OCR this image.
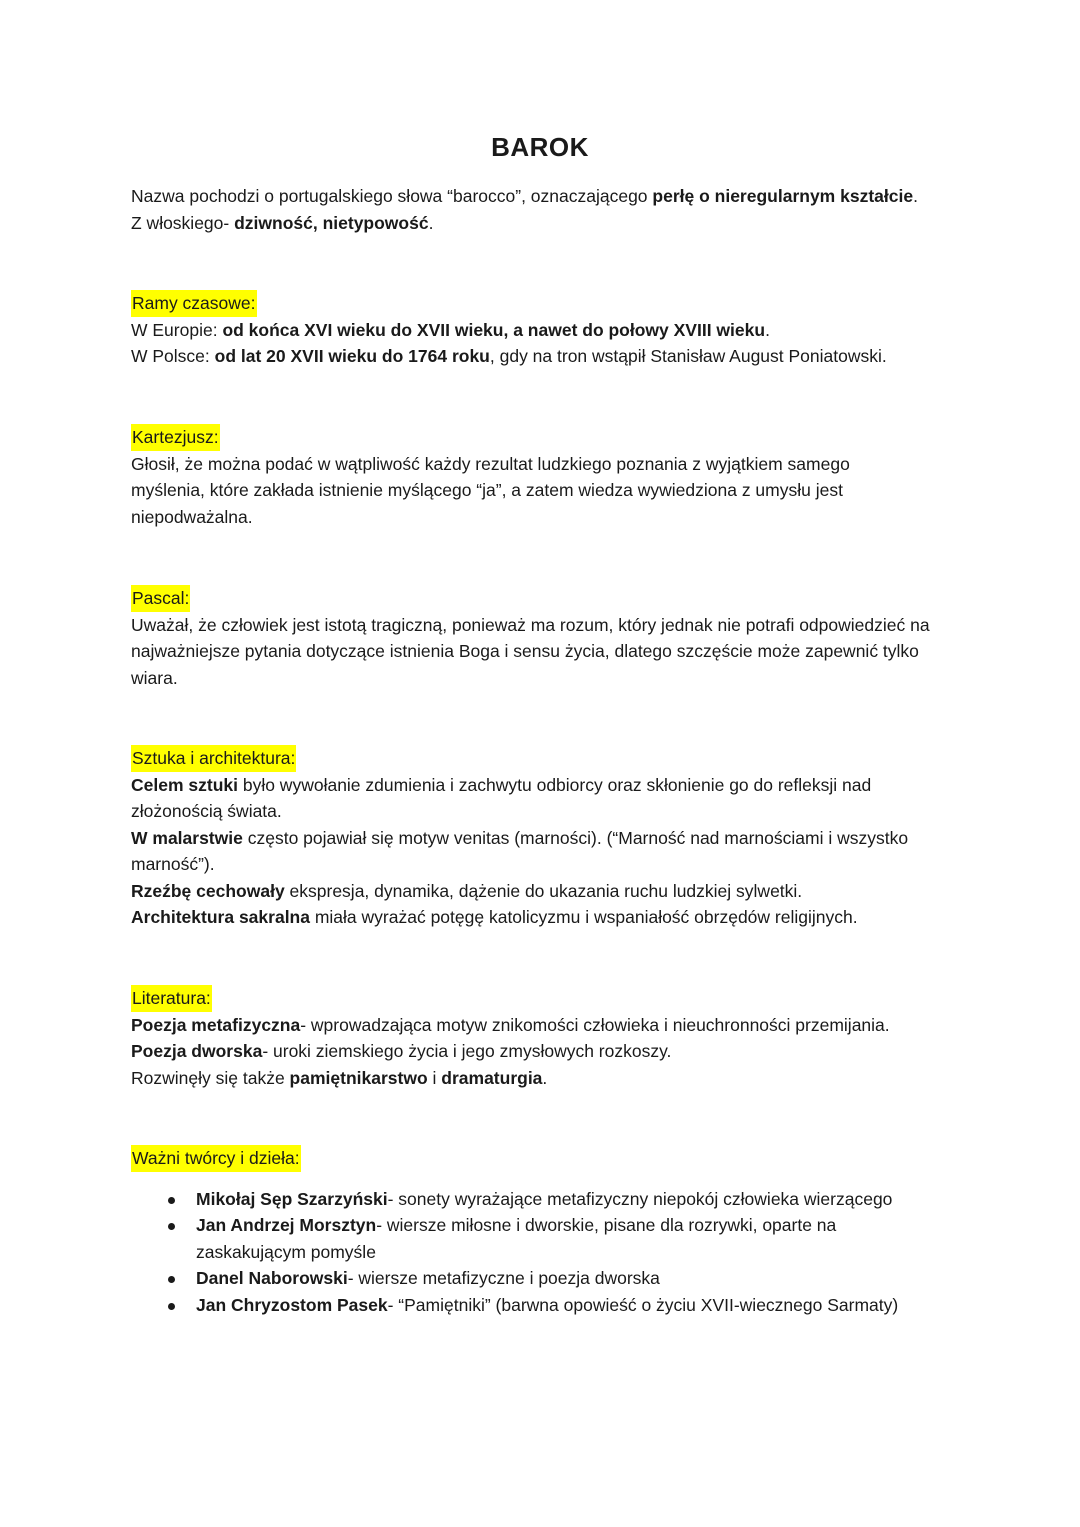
BAROK

Nazwa pochodzi o portugalskiego słowa “barocco”, oznaczającego perłę o nieregularnym kształcie.

Z włoskiego- dziwność, nietypowość.

Ramy czasowe:

W Europie: od końca XVI wieku do XVII wieku, a nawet do połowy XVIII wieku.

W Polsce: od lat 20 XVII wieku do 1764 roku, gdy na tron wstąpił Stanisław August Poniatowski.

Kartezjusz:

Głosił, że można podać w wątpliwość każdy rezultat ludzkiego poznania z wyjątkiem samego myślenia, które zakłada istnienie myślącego “ja”, a zatem wiedza wywiedziona z umysłu jest niepodważalna.

Pascal:

Uważał, że człowiek jest istotą tragiczną, ponieważ ma rozum, który jednak nie potrafi odpowiedzieć na najważniejsze pytania dotyczące istnienia Boga i sensu życia, dlatego szczęście może zapewnić tylko wiara.

Sztuka i architektura:

Celem sztuki było wywołanie zdumienia i zachwytu odbiorcy oraz skłonienie go do refleksji nad złożonością świata.

W malarstwie często pojawiał się motyw venitas (marności). (“Marność nad marnościami i wszystko marność”).

Rzeźbę cechowały ekspresja, dynamika, dążenie do ukazania ruchu ludzkiej sylwetki.

Architektura sakralna miała wyrażać potęgę katolicyzmu i wspaniałość obrzędów religijnych.

Literatura:

Poezja metafizyczna- wprowadzająca motyw znikomości człowieka i nieuchronności przemijania.

Poezja dworska- uroki ziemskiego życia i jego zmysłowych rozkoszy.

Rozwinęły się także pamiętnikarstwo i dramaturgia.

Ważni twórcy i dzieła:

Mikołaj Sęp Szarzyński- sonety wyrażające metafizyczny niepokój człowieka wierzącego
Jan Andrzej Morsztyn- wiersze miłosne i dworskie, pisane dla rozrywki, oparte na zaskakującym pomyśle
Danel Naborowski- wiersze metafizyczne i poezja dworska
Jan Chryzostom Pasek- “Pamiętniki” (barwna opowieść o życiu XVII-wiecznego Sarmaty)
